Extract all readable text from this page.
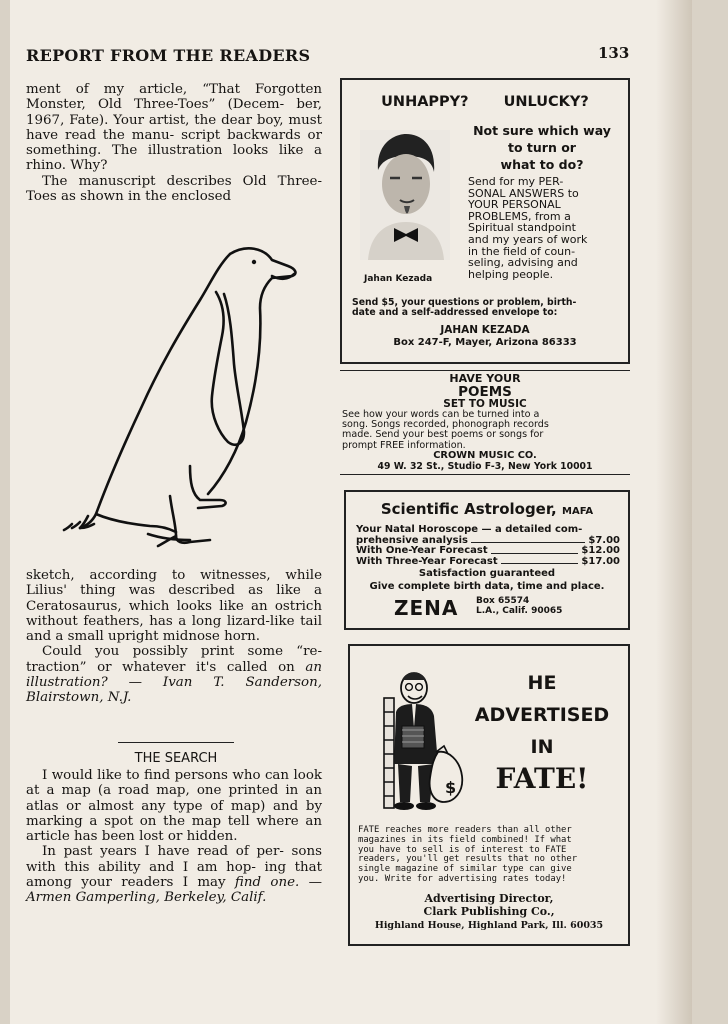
REPORT FROM THE READERS	133

ment of my article, “That Forgotten Monster, Old Three-Toes” (Decem- ber, 1967, Fate). Your artist, the dear boy, must have read the manu- script backwards or something. The illustration looks like a rhino. Why?

The manuscript describes Old Three-Toes as shown in the enclosed

sketch, according to witnesses, while Lilius' thing was described as like a Ceratosaurus, which looks like an ostrich without feathers, has a long lizard-like tail and a small upright midnose horn.

Could you possibly print some “re- traction” or whatever it's called on an illustration? — Ivan T. Sanderson, Blairstown, N.J.

THE SEARCH

I would like to find persons who can look at a map (a road map, one printed in an atlas or almost any type of map) and by marking a spot on the map tell where an article has been lost or hidden.

In past years I have read of per- sons with this ability and I am hop- ing that among your readers I may find one. — Armen Gamperling, Berkeley, Calif.

UNHAPPY? UNLUCKY?
Jahan Kezada
Not sure which way
to turn or
what to do?
Send for my PER-
SONAL ANSWERS to
YOUR PERSONAL
PROBLEMS, from a
Spiritual standpoint
and my years of work
in the field of coun-
seling, advising and
helping people.
Send $5, your questions or problem, birth-
date and a self-addressed envelope to:
JAHAN KEZADA
Box 247-F, Mayer, Arizona 86333
HAVE YOUR
POEMS
SET TO MUSIC
See how your words can be turned into a
song. Songs recorded, phonograph records
made. Send your best poems or songs for
prompt FREE information.
CROWN MUSIC CO.
49 W. 32 St., Studio F-3, New York 10001
Scientific Astrologer, MAFA
Your Natal Horoscope — a detailed com-
prehensive analysis	$7.00
With One-Year Forecast	$12.00
With Three-Year Forecast	$17.00
Satisfaction guaranteed
Give complete birth data, time and place.
ZENA Box 65574
L.A., Calif. 90065
$
HE
ADVERTISED
IN
FATE!
FATE reaches more readers than all other
magazines in its field combined! If what
you have to sell is of interest to FATE
readers, you'll get results that no other
single magazine of similar type can give
you. Write for advertising rates today!
Advertising Director,
Clark Publishing Co.,
Highland House, Highland Park, Ill. 60035
